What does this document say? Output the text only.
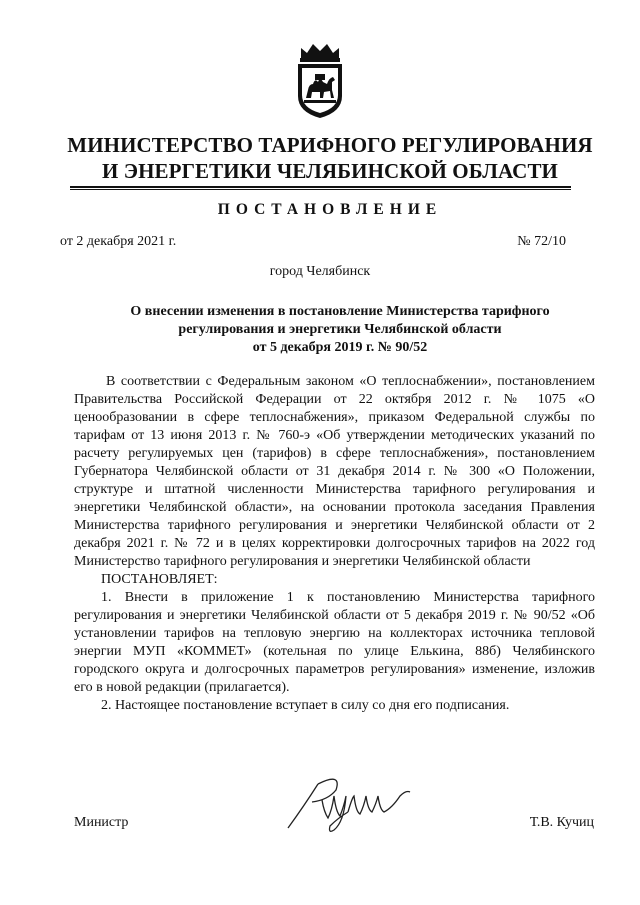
МИНИСТЕРСТВО ТАРИФНОГО РЕГУЛИРОВАНИЯ
И ЭНЕРГЕТИКИ ЧЕЛЯБИНСКОЙ ОБЛАСТИ
ПОСТАНОВЛЕНИЕ
от 2 декабря 2021 г.	№ 72/10
город Челябинск
О внесении изменения в постановление Министерства тарифного
регулирования и энергетики Челябинской области
от 5 декабря 2019 г. № 90/52

В соответствии с Федеральным законом «О теплоснабжении», постановлением Правительства Российской Федерации от 22 октября 2012 г. № 1075 «О ценообразовании в сфере теплоснабжения», приказом Федеральной службы по тарифам от 13 июня 2013 г. № 760-э «Об утверждении методических указаний по расчету регулируемых цен (тарифов) в сфере теплоснабжения», постановлением Губернатора Челябинской области от 31 декабря 2014 г. № 300 «О Положении, структуре и штатной численности Министерства тарифного регулирования и энергетики Челябинской области», на основании протокола заседания Правления Министерства тарифного регулирования и энергетики Челябинской области от 2 декабря 2021 г. № 72 и в целях корректировки долгосрочных тарифов на 2022 год Министерство тарифного регулирования и энергетики Челябинской области

ПОСТАНОВЛЯЕТ:

1. Внести в приложение 1 к постановлению Министерства тарифного регулирования и энергетики Челябинской области от 5 декабря 2019 г. № 90/52 «Об установлении тарифов на тепловую энергию на коллекторах источника тепловой энергии МУП «КОММЕТ» (котельная по улице Елькина, 88б) Челябинского городского округа и долгосрочных параметров регулирования» изменение, изложив его в новой редакции (прилагается).

2. Настоящее постановление вступает в силу со дня его подписания.

Министр	Т.В. Кучиц
